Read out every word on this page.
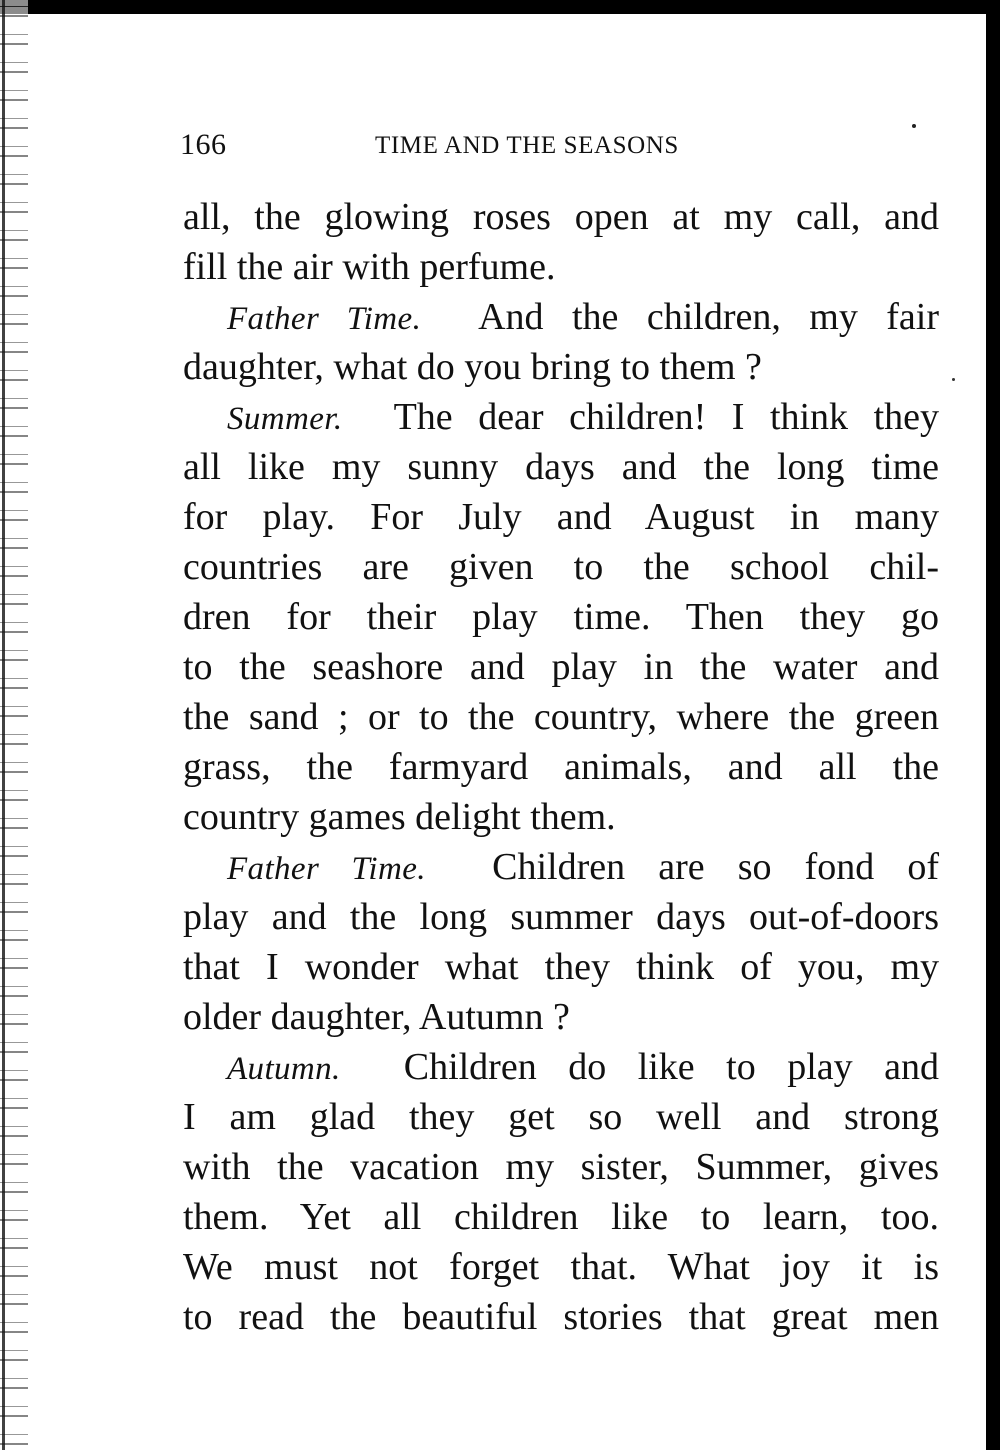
166	TIME AND THE SEASONS
all, the glowing roses open at my call, and
fill the air with perfume.
Father Time. And the children, my fair
daughter, what do you bring to them ?
Summer. The dear children! I think they
all like my sunny days and the long time
for play. For July and August in many
countries are given to the school chil-
dren for their play time. Then they go
to the seashore and play in the water and
the sand ; or to the country, where the green
grass, the farmyard animals, and all the
country games delight them.
Father Time. Children are so fond of
play and the long summer days out-of-doors
that I wonder what they think of you, my
older daughter, Autumn ?
Autumn. Children do like to play and
I am glad they get so well and strong
with the vacation my sister, Summer, gives
them. Yet all children like to learn, too.
We must not forget that. What joy it is
to read the beautiful stories that great men
